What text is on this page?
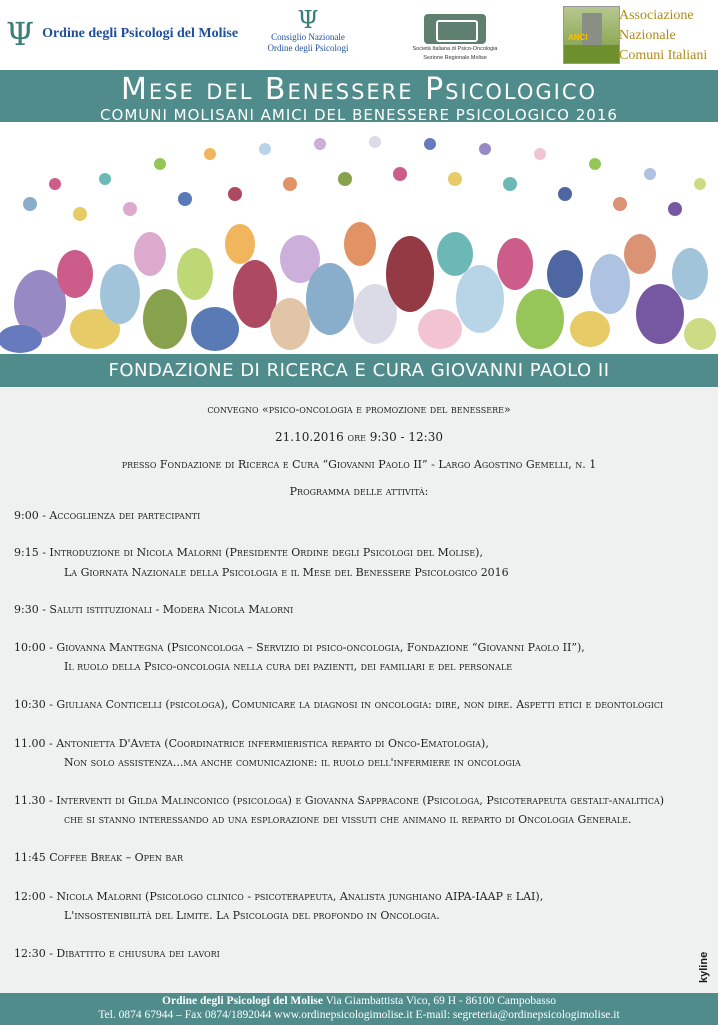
Ψ Ordine degli Psicologi del Molise	Ψ
Consiglio Nazionale
Ordine degli Psicologi	Società Italiana di Psico-Oncologia
Sezione Regionale Molise
ANCI
Associazione
Nazionale
Comuni Italiani
Mese del Benessere Psicologico
COMUNI MOLISANI AMICI DEL BENESSERE PSICOLOGICO 2016
FONDAZIONE DI RICERCA E CURA GIOVANNI PAOLO II
convegno «psico-oncologia e promozione del benessere»
21.10.2016 ore 9:30 - 12:30
presso Fondazione di Ricerca e Cura “Giovanni Paolo II” - Largo Agostino Gemelli, n. 1
Programma delle attività:
9:00 - Accoglienza dei partecipanti
9:15 - Introduzione di Nicola Malorni (Presidente Ordine degli Psicologi del Molise),
La Giornata Nazionale della Psicologia e il Mese del Benessere Psicologico 2016
9:30 - Saluti istituzionali - Modera Nicola Malorni
10:00 - Giovanna Mantegna (Psiconcologa – Servizio di psico-oncologia, Fondazione “Giovanni Paolo II”),
Il ruolo della Psico-oncologia nella cura dei pazienti, dei familiari e del personale
10:30 - Giuliana Conticelli (psicologa), Comunicare la diagnosi in oncologia: dire, non dire. Aspetti etici e deontologici
11.00 - Antonietta D'Aveta (Coordinatrice infermieristica reparto di Onco-Ematologia),
Non solo assistenza...ma anche comunicazione: il ruolo dell'infermiere in oncologia
11.30 - Interventi di Gilda Malinconico (psicologa) e Giovanna Sappracone (Psicologa, Psicoterapeuta gestalt-analitica)
che si stanno interessando ad una esplorazione dei vissuti che animano il reparto di Oncologia Generale.
11:45 Coffee Break – Open bar
12:00 - Nicola Malorni (Psicologo clinico - psicoterapeuta, Analista junghiano AIPA-IAAP e LAI),
L'insostenibilità del Limite. La Psicologia del profondo in Oncologia.
12:30 - Dibattito e chiusura dei lavori	kyline
Ordine degli Psicologi del Molise Via Giambattista Vico, 69 H - 86100 Campobasso
Tel. 0874 67944 – Fax 0874/1892044 www.ordinepsicologimolise.it E-mail: segreteria@ordinepsicologimolise.it
